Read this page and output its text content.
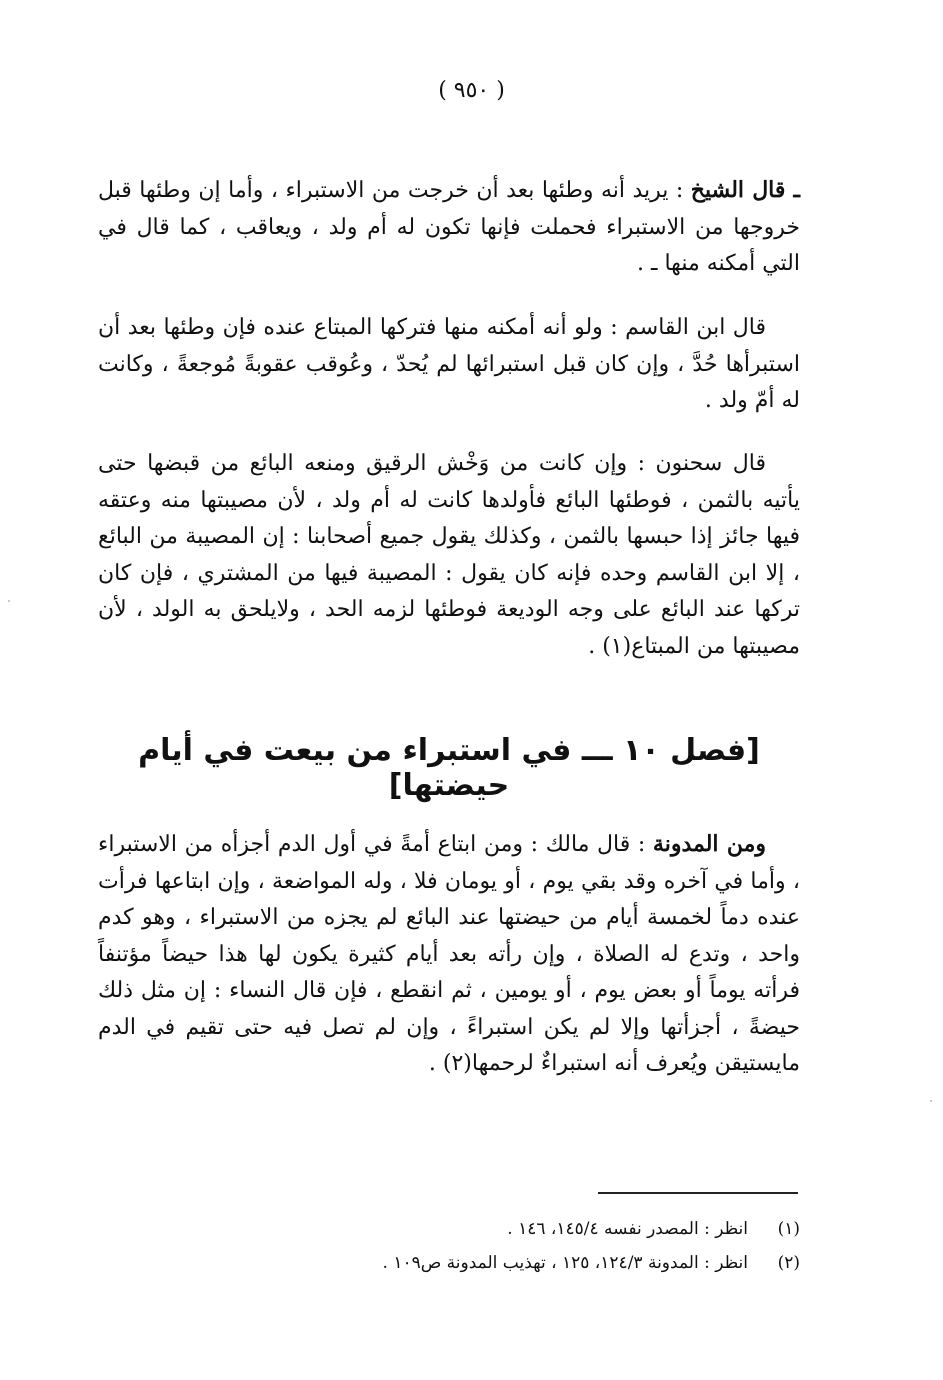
( ٩٥٠ )

ـ قال الشيخ : يريد أنه وطئها بعد أن خرجت من الاستبراء ، وأما إن وطئها قبل خروجها من الاستبراء فحملت فإنها تكون له أم ولد ، ويعاقب ، كما قال في التي أمكنه منها ـ .

قال ابن القاسم : ولو أنه أمكنه منها فتركها المبتاع عنده فإن وطئها بعد أن استبرأها حُدَّ ، وإن كان قبل استبرائها لم يُحدّ ، وعُوقب عقوبةً مُوجعةً ، وكانت له أمّ ولد .

قال سحنون : وإن كانت من وَخْش الرقيق ومنعه البائع من قبضها حتى يأتيه بالثمن ، فوطئها البائع فأولدها كانت له أم ولد ، لأن مصيبتها منه وعتقه فيها جائز إذا حبسها بالثمن ، وكذلك يقول جميع أصحابنا : إن المصيبة من البائع ، إلا ابن القاسم وحده فإنه كان يقول : المصيبة فيها من المشتري ، فإن كان تركها عند البائع على وجه الوديعة فوطئها لزمه الحد ، ولايلحق به الولد ، لأن مصيبتها من المبتاع(١) .

[فصل ١٠ ـــ في استبراء من بيعت في أيام حيضتها]

ومن المدونة : قال مالك : ومن ابتاع أمةً في أول الدم أجزأه من الاستبراء ، وأما في آخره وقد بقي يوم ، أو يومان فلا ، وله المواضعة ، وإن ابتاعها فرأت عنده دماً لخمسة أيام من حيضتها عند البائع لم يجزه من الاستبراء ، وهو كدم واحد ، وتدع له الصلاة ، وإن رأته بعد أيام كثيرة يكون لها هذا حيضاً مؤتنفاً فرأته يوماً أو بعض يوم ، أو يومين ، ثم انقطع ، فإن قال النساء : إن مثل ذلك حيضةً ، أجزأتها وإلا لم يكن استبراءً ، وإن لم تصل فيه حتى تقيم في الدم مايستيقن ويُعرف أنه استبراءٌ لرحمها(٢) .

(١)
انظر : المصدر نفسه ١٤٥/٤، ١٤٦ .
(٢)
انظر : المدونة ١٢٤/٣، ١٢٥ ، تهذيب المدونة ص١٠٩ .
